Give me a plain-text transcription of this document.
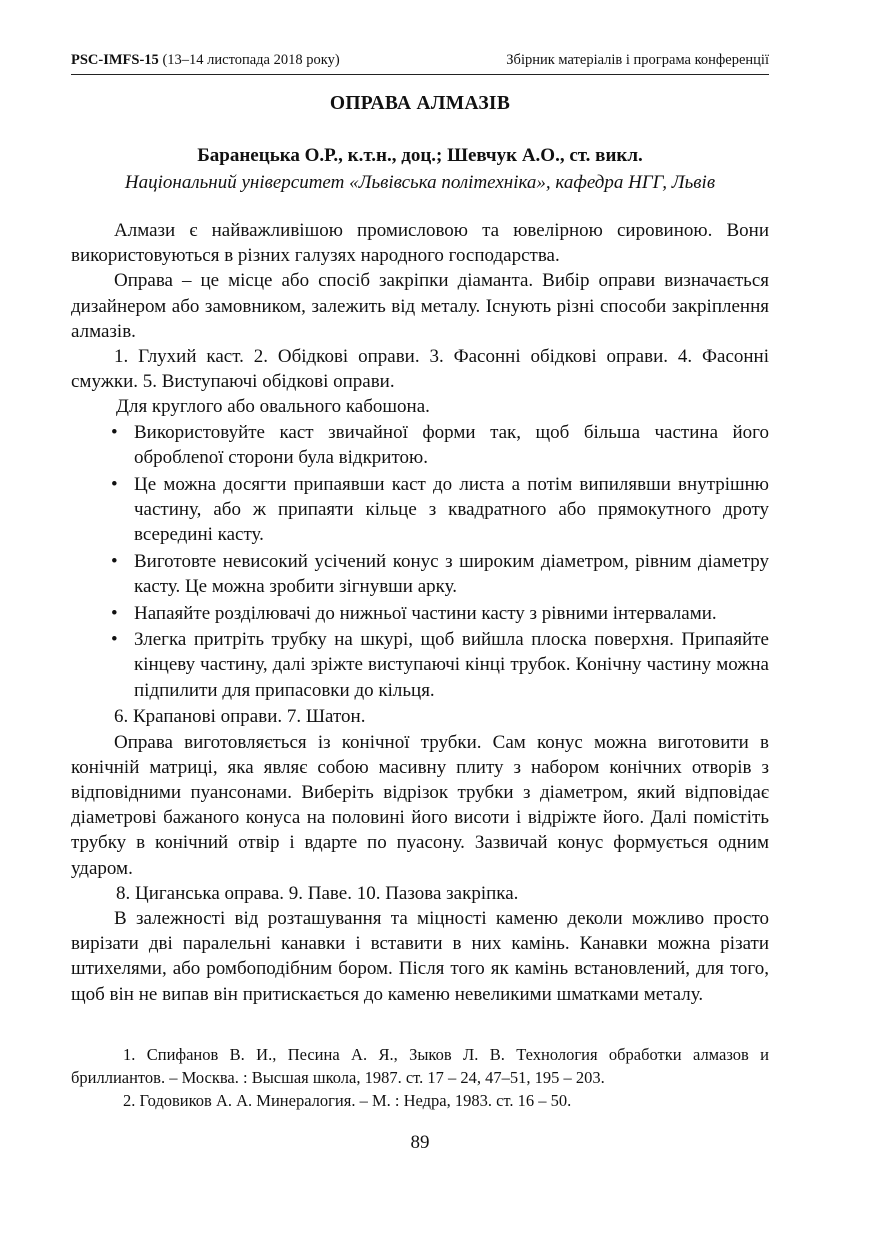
PSC-IMFS-15 (13–14 листопада 2018 року)	Збірник матеріалів і програма конференції
ОПРАВА АЛМАЗІВ
Баранецька О.Р., к.т.н., доц.; Шевчук А.О., ст. викл.
Національний університет «Львівська політехніка», кафедра НГГ, Львів

Алмази є найважливішою промисловою та ювелірною сировиною. Вони використовуються в різних галузях народного господарства.

Оправа – це місце або спосіб закріпки діаманта. Вибір оправи визначається дизайнером або замовником, залежить від металу. Існують різні способи закріплення алмазів.

1. Глухий каст. 2. Обідкові оправи. 3. Фасонні обідкові оправи. 4. Фасонні смужки. 5. Виступаючі обідкові оправи.

Для круглого або овального кабошона.

• Використовуйте каст звичайної форми так, щоб більша частина його оброблеnої сторони була відкритою.
• Це можна досягти припаявши каст до листа а потім випилявши внутрішню частину, або ж припаяти кільце з квадратного або прямокутного дроту всередині касту.
• Виготовте невисокий усічений конус з широким діаметром, рівним діаметру касту. Це можна зробити зігнувши арку.
• Напаяйте розділювачі до нижньої частини касту з рівними інтервалами.
• Злегка притріть трубку на шкурі, щоб вийшла плоска поверхня. Припаяйте кінцеву частину, далі зріжте виступаючі кінці трубок. Конічну частину можна підпилити для припасовки до кільця.

6. Крапанові оправи. 7. Шатон.

Оправа виготовляється із конічної трубки. Сам конус можна виготовити в конічній матриці, яка являє собою масивну плиту з набором конічних отворів з відповідними пуансонами. Виберіть відрізок трубки з діаметром, який відповідає діаметрові бажаного конуса на половині його висоти і відріжте його. Далі помістіть трубку в конічний отвір і вдарте по пуасону. Зазвичай конус формується одним ударом.

8. Циганська оправа. 9. Паве. 10. Пазова закріпка.

В залежності від розташування та міцності каменю деколи можливо просто вирізати дві паралельні канавки і вставити в них камінь. Канавки можна різати штихелями, або ромбоподібним бором. Після того як камінь встановлений, для того, щоб він не випав він притискається до каменю невеликими шматками металу.

1. Спифанов В. И., Песина А. Я., Зыков Л. В. Технология обработки алмазов и бриллиантов. – Москва. : Высшая школа, 1987. ст. 17 – 24, 47–51, 195 – 203.

2. Годовиков А. А. Минералогия. – М. : Недра, 1983. ст. 16 – 50.

89
